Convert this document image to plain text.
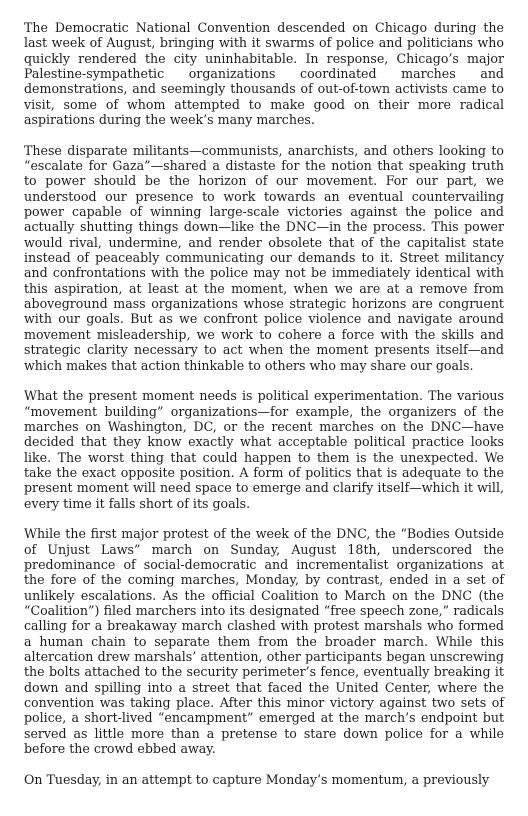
The Democratic National Convention descended on Chicago during the last week of August, bringing with it swarms of police and politicians who quickly rendered the city uninhabitable. In response, Chicago’s major Palestine-sympathetic organizations coordinated marches and demonstrations, and seemingly thousands of out-of-town activists came to visit, some of whom attempted to make good on their more radical aspirations during the week’s many marches.

These disparate militants—communists, anarchists, and others looking to “escalate for Gaza”—shared a distaste for the notion that speaking truth to power should be the horizon of our movement. For our part, we understood our presence to work towards an eventual countervailing power capable of winning large-scale victories against the police and actually shutting things down—like the DNC—in the process. This power would rival, undermine, and render obsolete that of the capitalist state instead of peaceably communicating our demands to it. Street militancy and confrontations with the police may not be immediately identical with this aspiration, at least at the moment, when we are at a remove from aboveground mass organizations whose strategic horizons are congruent with our goals. But as we confront police violence and navigate around movement misleadership, we work to cohere a force with the skills and strategic clarity necessary to act when the moment presents itself—and which makes that action thinkable to others who may share our goals.

What the present moment needs is political experimentation. The various “movement building” organizations—for example, the organizers of the marches on Washington, DC, or the recent marches on the DNC—have decided that they know exactly what acceptable political practice looks like. The worst thing that could happen to them is the unexpected. We take the exact opposite position. A form of politics that is adequate to the present moment will need space to emerge and clarify itself—which it will, every time it falls short of its goals.

While the first major protest of the week of the DNC, the “Bodies Outside of Unjust Laws” march on Sunday, August 18th, underscored the predominance of social-democratic and incrementalist organizations at the fore of the coming marches, Monday, by contrast, ended in a set of unlikely escalations. As the official Coalition to March on the DNC (the “Coalition”) filed marchers into its designated “free speech zone,” radicals calling for a breakaway march clashed with protest marshals who formed a human chain to separate them from the broader march. While this altercation drew marshals’ attention, other participants began unscrewing the bolts attached to the security perimeter’s fence, eventually breaking it down and spilling into a street that faced the United Center, where the convention was taking place. After this minor victory against two sets of police, a short-lived “encampment” emerged at the march’s endpoint but served as little more than a pretense to stare down police for a while before the crowd ebbed away.

On Tuesday, in an attempt to capture Monday’s momentum, a previously
